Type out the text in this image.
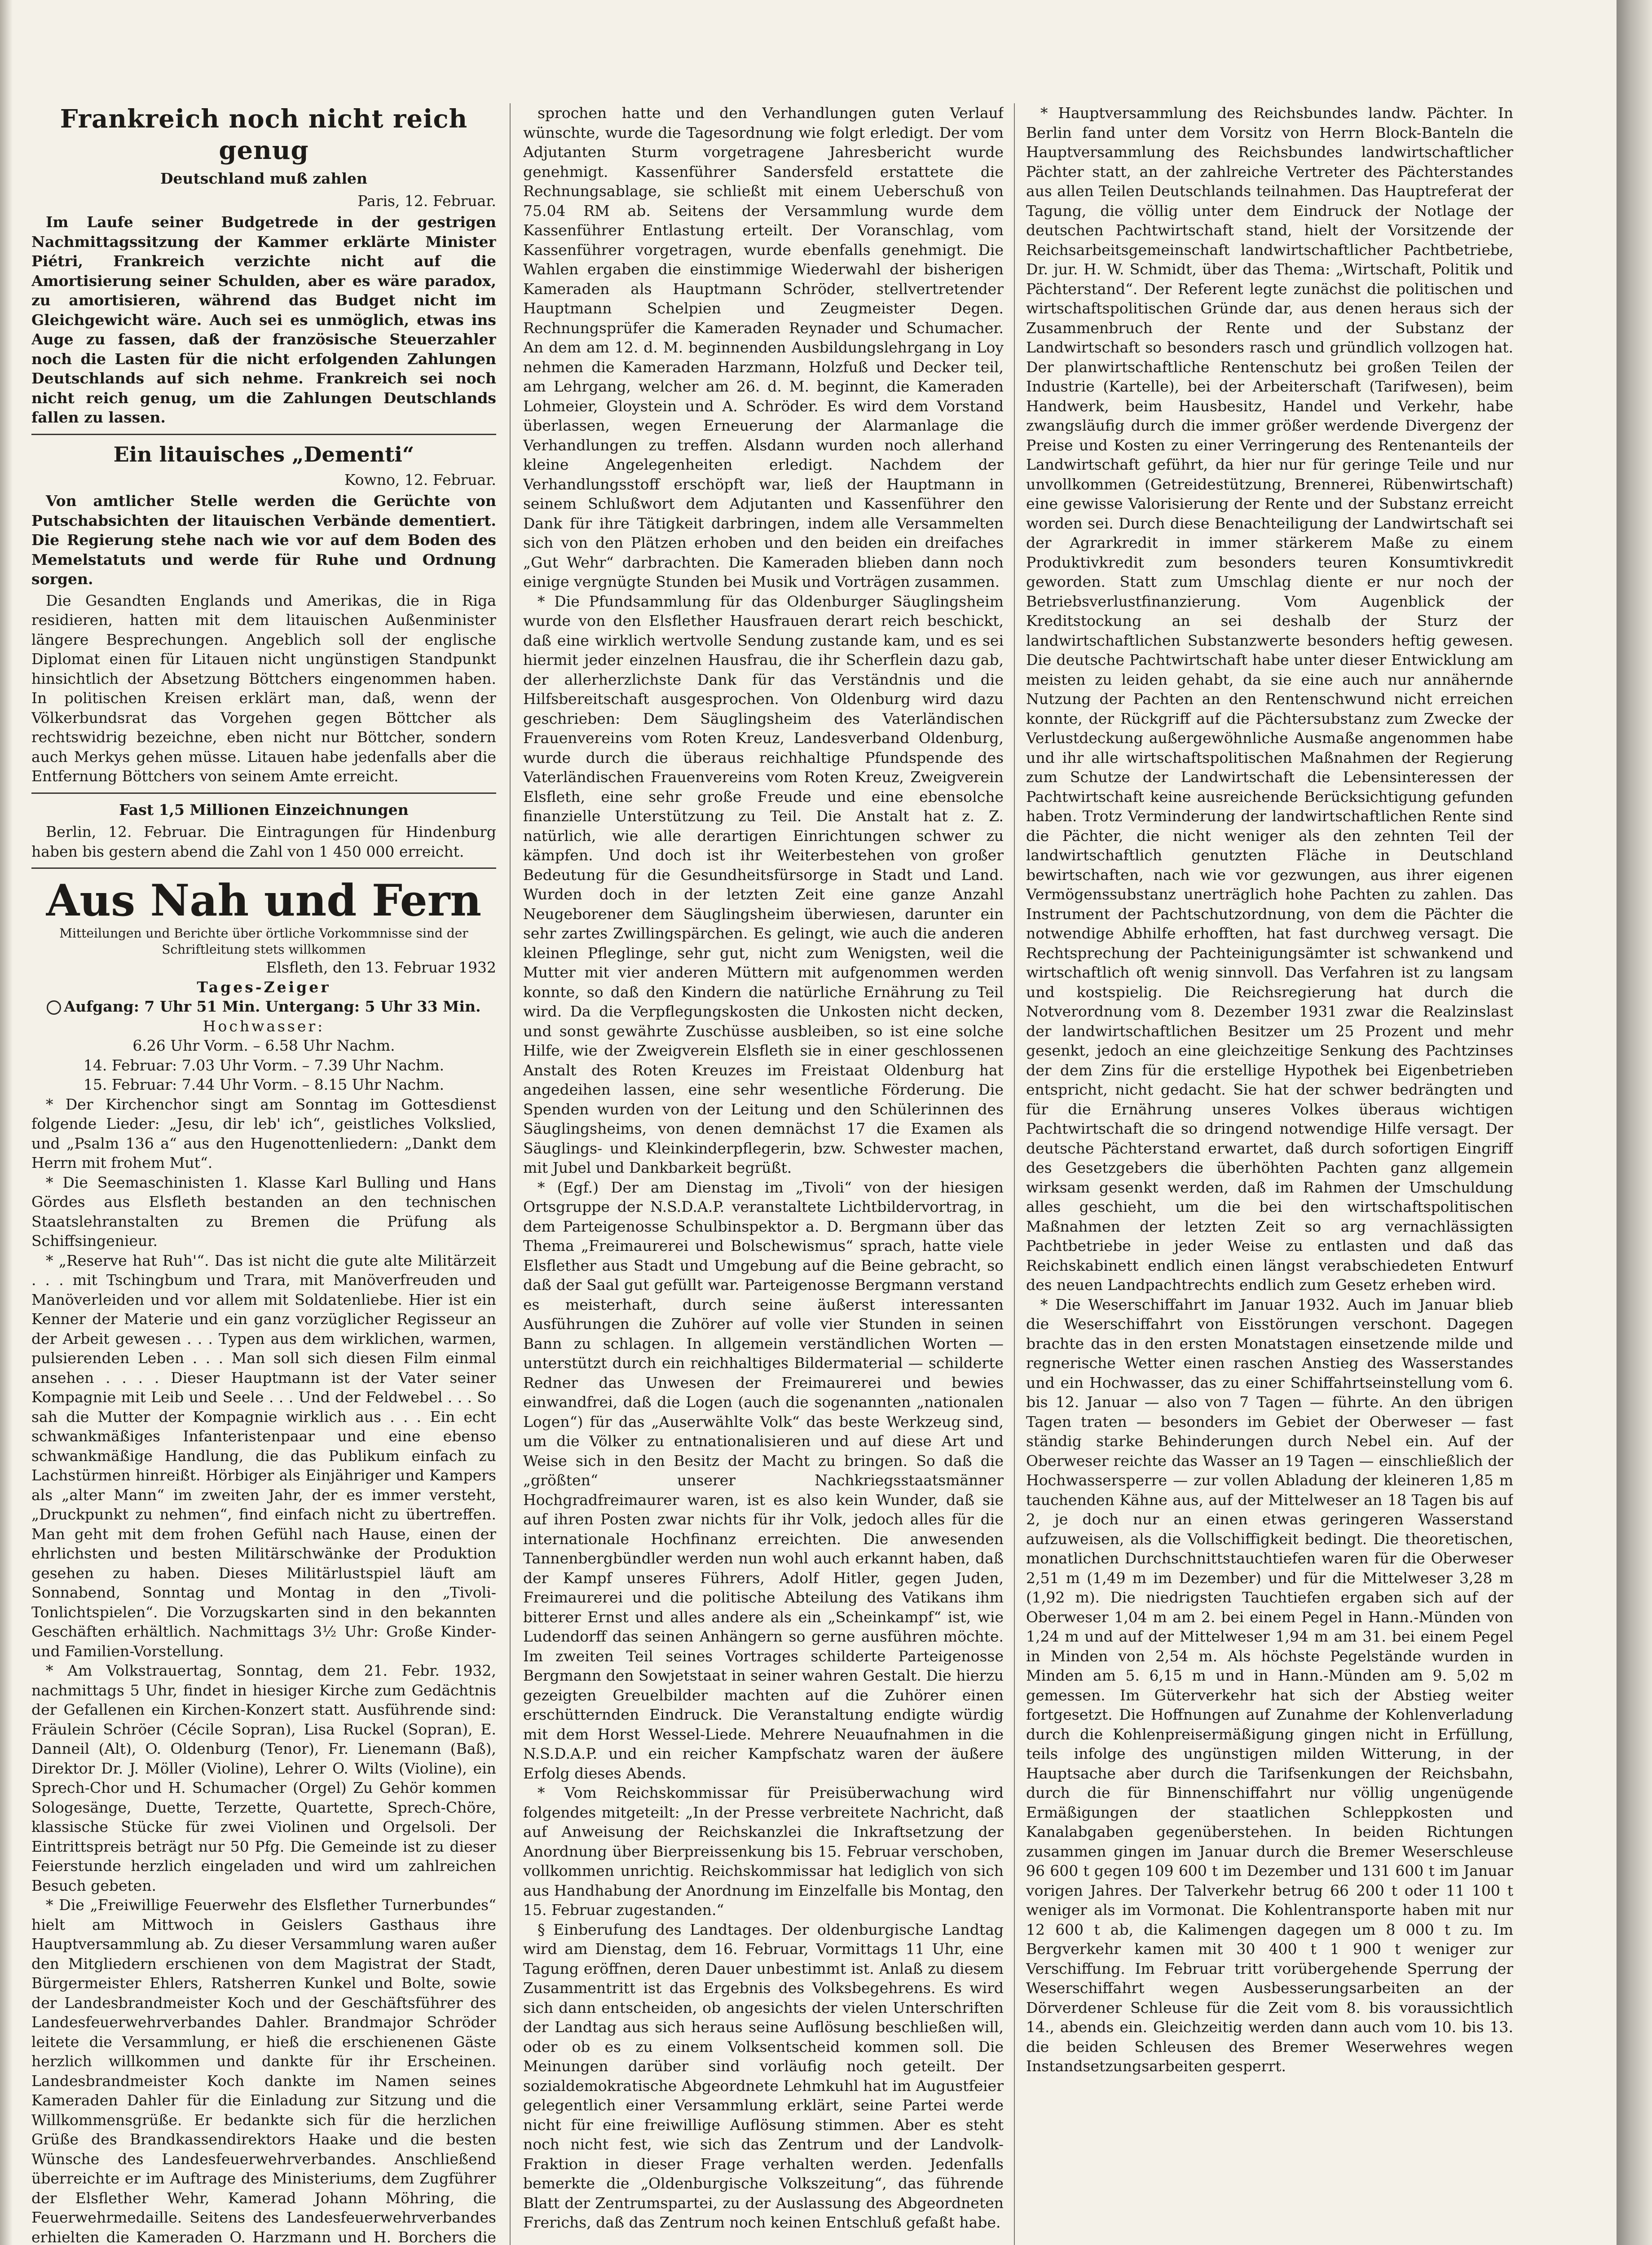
Frankreich noch nicht reich genug
Deutschland muß zahlen

Paris, 12. Februar.

Im Laufe seiner Budgetrede in der gestrigen Nachmittagssitzung der Kammer erklärte Minister Piétri, Frankreich verzichte nicht auf die Amortisierung seiner Schulden, aber es wäre paradox, zu amortisieren, während das Budget nicht im Gleichgewicht wäre. Auch sei es unmöglich, etwas ins Auge zu fassen, daß der französische Steuerzahler noch die Lasten für die nicht erfolgenden Zahlungen Deutschlands auf sich nehme. Frankreich sei noch nicht reich genug, um die Zahlungen Deutschlands fallen zu lassen.

Ein litauisches „Dementi“

Kowno, 12. Februar.

Von amtlicher Stelle werden die Gerüchte von Putschabsichten der litauischen Verbände dementiert. Die Regierung stehe nach wie vor auf dem Boden des Memelstatuts und werde für Ruhe und Ordnung sorgen.

Die Gesandten Englands und Amerikas, die in Riga residieren, hatten mit dem litauischen Außenminister längere Besprechungen. Angeblich soll der englische Diplomat einen für Litauen nicht ungünstigen Standpunkt hinsichtlich der Absetzung Böttchers eingenommen haben. In politischen Kreisen erklärt man, daß, wenn der Völkerbundsrat das Vorgehen gegen Böttcher als rechtswidrig bezeichne, eben nicht nur Böttcher, sondern auch Merkys gehen müsse. Litauen habe jedenfalls aber die Entfernung Böttchers von seinem Amte erreicht.

Fast 1,5 Millionen Einzeichnungen

Berlin, 12. Februar. Die Eintragungen für Hindenburg haben bis gestern abend die Zahl von 1 450 000 erreicht.

Aus Nah und Fern
Mitteilungen und Berichte über örtliche Vorkommnisse sind der Schriftleitung stets willkommen

Elsfleth, den 13. Februar 1932

Tages-Zeiger

Aufgang: 7 Uhr 51 Min. Untergang: 5 Uhr 33 Min.

Hochwasser:

6.26 Uhr Vorm. – 6.58 Uhr Nachm.

14. Februar: 7.03 Uhr Vorm. – 7.39 Uhr Nachm.

15. Februar: 7.44 Uhr Vorm. – 8.15 Uhr Nachm.

* Der Kirchenchor singt am Sonntag im Gottesdienst folgende Lieder: „Jesu, dir leb' ich“, geistliches Volkslied, und „Psalm 136 a“ aus den Hugenottenliedern: „Dankt dem Herrn mit frohem Mut“.

* Die Seemaschinisten 1. Klasse Karl Bulling und Hans Gördes aus Elsfleth bestanden an den technischen Staatslehranstalten zu Bremen die Prüfung als Schiffsingenieur.

* „Reserve hat Ruh'“. Das ist nicht die gute alte Militärzeit . . . mit Tschingbum und Trara, mit Manöverfreuden und Manöverleiden und vor allem mit Soldatenliebe. Hier ist ein Kenner der Materie und ein ganz vorzüglicher Regisseur an der Arbeit gewesen . . . Typen aus dem wirklichen, warmen, pulsierenden Leben . . . Man soll sich diesen Film einmal ansehen . . . . Dieser Hauptmann ist der Vater seiner Kompagnie mit Leib und Seele . . . Und der Feldwebel . . . So sah die Mutter der Kompagnie wirklich aus . . . Ein echt schwankmäßiges Infanteristenpaar und eine ebenso schwankmäßige Handlung, die das Publikum einfach zu Lachstürmen hinreißt. Hörbiger als Einjähriger und Kampers als „alter Mann“ im zweiten Jahr, der es immer versteht, „Druckpunkt zu nehmen“, find einfach nicht zu übertreffen. Man geht mit dem frohen Gefühl nach Hause, einen der ehrlichsten und besten Militärschwänke der Produktion gesehen zu haben. Dieses Militärlustspiel läuft am Sonnabend, Sonntag und Montag in den „Tivoli-Tonlichtspielen“. Die Vorzugskarten sind in den bekannten Geschäften erhältlich. Nachmittags 3½ Uhr: Große Kinder- und Familien-Vorstellung.

* Am Volkstrauertag, Sonntag, dem 21. Febr. 1932, nachmittags 5 Uhr, findet in hiesiger Kirche zum Gedächtnis der Gefallenen ein Kirchen-Konzert statt. Ausführende sind: Fräulein Schröer (Cécile Sopran), Lisa Ruckel (Sopran), E. Danneil (Alt), O. Oldenburg (Tenor), Fr. Lienemann (Baß), Direktor Dr. J. Möller (Violine), Lehrer O. Wilts (Violine), ein Sprech-Chor und H. Schumacher (Orgel) Zu Gehör kommen Sologesänge, Duette, Terzette, Quartette, Sprech-Chöre, klassische Stücke für zwei Violinen und Orgelsoli. Der Eintrittspreis beträgt nur 50 Pfg. Die Gemeinde ist zu dieser Feierstunde herzlich eingeladen und wird um zahlreichen Besuch gebeten.

* Die „Freiwillige Feuerwehr des Elsflether Turnerbundes“ hielt am Mittwoch in Geislers Gasthaus ihre Hauptversammlung ab. Zu dieser Versammlung waren außer den Mitgliedern erschienen von dem Magistrat der Stadt, Bürgermeister Ehlers, Ratsherren Kunkel und Bolte, sowie der Landesbrandmeister Koch und der Geschäftsführer des Landesfeuerwehrverbandes Dahler. Brandmajor Schröder leitete die Versammlung, er hieß die erschienenen Gäste herzlich willkommen und dankte für ihr Erscheinen. Landesbrandmeister Koch dankte im Namen seines Kameraden Dahler für die Einladung zur Sitzung und die Willkommensgrüße. Er bedankte sich für die herzlichen Grüße des Brandkassendirektors Haake und die besten Wünsche des Landesfeuerwehrverbandes. Anschließend überreichte er im Auftrage des Ministeriums, dem Zugführer der Elsflether Wehr, Kamerad Johann Möhring, die Feuerwehrmedaille. Seitens des Landesfeuerwehrverbandes erhielten die Kameraden O. Harzmann und H. Borchers die

sprochen hatte und den Verhandlungen guten Verlauf wünschte, wurde die Tagesordnung wie folgt erledigt. Der vom Adjutanten Sturm vorgetragene Jahresbericht wurde genehmigt. Kassenführer Sandersfeld erstattete die Rechnungsablage, sie schließt mit einem Ueberschuß von 75.04 RM ab. Seitens der Versammlung wurde dem Kassenführer Entlastung erteilt. Der Voranschlag, vom Kassenführer vorgetragen, wurde ebenfalls genehmigt. Die Wahlen ergaben die einstimmige Wiederwahl der bisherigen Kameraden als Hauptmann Schröder, stellvertretender Hauptmann Schelpien und Zeugmeister Degen. Rechnungsprüfer die Kameraden Reynader und Schumacher. An dem am 12. d. M. beginnenden Ausbildungslehrgang in Loy nehmen die Kameraden Harzmann, Holzfuß und Decker teil, am Lehrgang, welcher am 26. d. M. beginnt, die Kameraden Lohmeier, Gloystein und A. Schröder. Es wird dem Vorstand überlassen, wegen Erneuerung der Alarmanlage die Verhandlungen zu treffen. Alsdann wurden noch allerhand kleine Angelegenheiten erledigt. Nachdem der Verhandlungsstoff erschöpft war, ließ der Hauptmann in seinem Schlußwort dem Adjutanten und Kassenführer den Dank für ihre Tätigkeit darbringen, indem alle Versammelten sich von den Plätzen erhoben und den beiden ein dreifaches „Gut Wehr“ darbrachten. Die Kameraden blieben dann noch einige vergnügte Stunden bei Musik und Vorträgen zusammen.

* Die Pfundsammlung für das Oldenburger Säuglingsheim wurde von den Elsflether Hausfrauen derart reich beschickt, daß eine wirklich wertvolle Sendung zustande kam, und es sei hiermit jeder einzelnen Hausfrau, die ihr Scherflein dazu gab, der allerherzlichste Dank für das Verständnis und die Hilfsbereitschaft ausgesprochen. Von Oldenburg wird dazu geschrieben: Dem Säuglingsheim des Vaterländischen Frauenvereins vom Roten Kreuz, Landesverband Oldenburg, wurde durch die überaus reichhaltige Pfundspende des Vaterländischen Frauenvereins vom Roten Kreuz, Zweigverein Elsfleth, eine sehr große Freude und eine ebensolche finanzielle Unterstützung zu Teil. Die Anstalt hat z. Z. natürlich, wie alle derartigen Einrichtungen schwer zu kämpfen. Und doch ist ihr Weiterbestehen von großer Bedeutung für die Gesundheitsfürsorge in Stadt und Land. Wurden doch in der letzten Zeit eine ganze Anzahl Neugeborener dem Säuglingsheim überwiesen, darunter ein sehr zartes Zwillingspärchen. Es gelingt, wie auch die anderen kleinen Pfleglinge, sehr gut, nicht zum Wenigsten, weil die Mutter mit vier anderen Müttern mit aufgenommen werden konnte, so daß den Kindern die natürliche Ernährung zu Teil wird. Da die Verpflegungskosten die Unkosten nicht decken, und sonst gewährte Zuschüsse ausbleiben, so ist eine solche Hilfe, wie der Zweigverein Elsfleth sie in einer geschlossenen Anstalt des Roten Kreuzes im Freistaat Oldenburg hat angedeihen lassen, eine sehr wesentliche Förderung. Die Spenden wurden von der Leitung und den Schülerinnen des Säuglingsheims, von denen demnächst 17 die Examen als Säuglings- und Kleinkinderpflegerin, bzw. Schwester machen, mit Jubel und Dankbarkeit begrüßt.

* (Egf.) Der am Dienstag im „Tivoli“ von der hiesigen Ortsgruppe der N.S.D.A.P. veranstaltete Lichtbildervortrag, in dem Parteigenosse Schulbinspektor a. D. Bergmann über das Thema „Freimaurerei und Bolschewismus“ sprach, hatte viele Elsflether aus Stadt und Umgebung auf die Beine gebracht, so daß der Saal gut gefüllt war. Parteigenosse Bergmann verstand es meisterhaft, durch seine äußerst interessanten Ausführungen die Zuhörer auf volle vier Stunden in seinen Bann zu schlagen. In allgemein verständlichen Worten — unterstützt durch ein reichhaltiges Bildermaterial — schilderte Redner das Unwesen der Freimaurerei und bewies einwandfrei, daß die Logen (auch die sogenannten „nationalen Logen“) für das „Auserwählte Volk“ das beste Werkzeug sind, um die Völker zu entnationalisieren und auf diese Art und Weise sich in den Besitz der Macht zu bringen. So daß die „größten“ unserer Nachkriegsstaatsmänner Hochgradfreimaurer waren, ist es also kein Wunder, daß sie auf ihren Posten zwar nichts für ihr Volk, jedoch alles für die internationale Hochfinanz erreichten. Die anwesenden Tannenbergbündler werden nun wohl auch erkannt haben, daß der Kampf unseres Führers, Adolf Hitler, gegen Juden, Freimaurerei und die politische Abteilung des Vatikans ihm bitterer Ernst und alles andere als ein „Scheinkampf“ ist, wie Ludendorff das seinen Anhängern so gerne ausführen möchte. Im zweiten Teil seines Vortrages schilderte Parteigenosse Bergmann den Sowjetstaat in seiner wahren Gestalt. Die hierzu gezeigten Greuelbilder machten auf die Zuhörer einen erschütternden Eindruck. Die Veranstaltung endigte würdig mit dem Horst Wessel-Liede. Mehrere Neuaufnahmen in die N.S.D.A.P. und ein reicher Kampfschatz waren der äußere Erfolg dieses Abends.

* Vom Reichskommissar für Preisüberwachung wird folgendes mitgeteilt: „In der Presse verbreitete Nachricht, daß auf Anweisung der Reichskanzlei die Inkraftsetzung der Anordnung über Bierpreissenkung bis 15. Februar verschoben, vollkommen unrichtig. Reichskommissar hat lediglich von sich aus Handhabung der Anordnung im Einzelfalle bis Montag, den 15. Februar zugestanden.“

§ Einberufung des Landtages. Der oldenburgische Landtag wird am Dienstag, dem 16. Februar, Vormittags 11 Uhr, eine Tagung eröffnen, deren Dauer unbestimmt ist. Anlaß zu diesem Zusammentritt ist das Ergebnis des Volksbegehrens. Es wird sich dann entscheiden, ob angesichts der vielen Unterschriften der Landtag aus sich heraus seine Auflösung beschließen will, oder ob es zu einem Volksentscheid kommen soll. Die Meinungen darüber sind vorläufig noch geteilt. Der sozialdemokratische Abgeordnete Lehmkuhl hat im Augustfeier gelegentlich einer Versammlung erklärt, seine Partei werde nicht für eine freiwillige Auflösung stimmen. Aber es steht noch nicht fest, wie sich das Zentrum und der Landvolk-Fraktion in dieser Frage verhalten werden. Jedenfalls bemerkte die „Oldenburgische Volkszeitung“, das führende Blatt der Zentrumspartei, zu der Auslassung des Abgeordneten Frerichs, daß das Zentrum noch keinen Entschluß gefaßt habe.

* Hauptversammlung des Reichsbundes landw. Pächter. In Berlin fand unter dem Vorsitz von Herrn Block-Banteln die Hauptversammlung des Reichsbundes landwirtschaftlicher Pächter statt, an der zahlreiche Vertreter des Pächterstandes aus allen Teilen Deutschlands teilnahmen. Das Hauptreferat der Tagung, die völlig unter dem Eindruck der Notlage der deutschen Pachtwirtschaft stand, hielt der Vorsitzende der Reichsarbeitsgemeinschaft landwirtschaftlicher Pachtbetriebe, Dr. jur. H. W. Schmidt, über das Thema: „Wirtschaft, Politik und Pächterstand“. Der Referent legte zunächst die politischen und wirtschaftspolitischen Gründe dar, aus denen heraus sich der Zusammenbruch der Rente und der Substanz der Landwirtschaft so besonders rasch und gründlich vollzogen hat. Der planwirtschaftliche Rentenschutz bei großen Teilen der Industrie (Kartelle), bei der Arbeiterschaft (Tarifwesen), beim Handwerk, beim Hausbesitz, Handel und Verkehr, habe zwangsläufig durch die immer größer werdende Divergenz der Preise und Kosten zu einer Verringerung des Rentenanteils der Landwirtschaft geführt, da hier nur für geringe Teile und nur unvollkommen (Getreidestützung, Brennerei, Rübenwirtschaft) eine gewisse Valorisierung der Rente und der Substanz erreicht worden sei. Durch diese Benachteiligung der Landwirtschaft sei der Agrarkredit in immer stärkerem Maße zu einem Produktivkredit zum besonders teuren Konsumtivkredit geworden. Statt zum Umschlag diente er nur noch der Betriebsverlustfinanzierung. Vom Augenblick der Kreditstockung an sei deshalb der Sturz der landwirtschaftlichen Substanzwerte besonders heftig gewesen. Die deutsche Pachtwirtschaft habe unter dieser Entwicklung am meisten zu leiden gehabt, da sie eine auch nur annähernde Nutzung der Pachten an den Rentenschwund nicht erreichen konnte, der Rückgriff auf die Pächtersubstanz zum Zwecke der Verlustdeckung außergewöhnliche Ausmaße angenommen habe und ihr alle wirtschaftspolitischen Maßnahmen der Regierung zum Schutze der Landwirtschaft die Lebensinteressen der Pachtwirtschaft keine ausreichende Berücksichtigung gefunden haben. Trotz Verminderung der landwirtschaftlichen Rente sind die Pächter, die nicht weniger als den zehnten Teil der landwirtschaftlich genutzten Fläche in Deutschland bewirtschaften, nach wie vor gezwungen, aus ihrer eigenen Vermögenssubstanz unerträglich hohe Pachten zu zahlen. Das Instrument der Pachtschutzordnung, von dem die Pächter die notwendige Abhilfe erhofften, hat fast durchweg versagt. Die Rechtsprechung der Pachteinigungsämter ist schwankend und wirtschaftlich oft wenig sinnvoll. Das Verfahren ist zu langsam und kostspielig. Die Reichsregierung hat durch die Notverordnung vom 8. Dezember 1931 zwar die Realzinslast der landwirtschaftlichen Besitzer um 25 Prozent und mehr gesenkt, jedoch an eine gleichzeitige Senkung des Pachtzinses der dem Zins für die erstellige Hypothek bei Eigenbetrieben entspricht, nicht gedacht. Sie hat der schwer bedrängten und für die Ernährung unseres Volkes überaus wichtigen Pachtwirtschaft die so dringend notwendige Hilfe versagt. Der deutsche Pächterstand erwartet, daß durch sofortigen Eingriff des Gesetzgebers die überhöhten Pachten ganz allgemein wirksam gesenkt werden, daß im Rahmen der Umschuldung alles geschieht, um die bei den wirtschaftspolitischen Maßnahmen der letzten Zeit so arg vernachlässigten Pachtbetriebe in jeder Weise zu entlasten und daß das Reichskabinett endlich einen längst verabschiedeten Entwurf des neuen Landpachtrechts endlich zum Gesetz erheben wird.

* Die Weserschiffahrt im Januar 1932. Auch im Januar blieb die Weserschiffahrt von Eisstörungen verschont. Dagegen brachte das in den ersten Monatstagen einsetzende milde und regnerische Wetter einen raschen Anstieg des Wasserstandes und ein Hochwasser, das zu einer Schiffahrtseinstellung vom 6. bis 12. Januar — also von 7 Tagen — führte. An den übrigen Tagen traten — besonders im Gebiet der Oberweser — fast ständig starke Behinderungen durch Nebel ein. Auf der Oberweser reichte das Wasser an 19 Tagen — einschließlich der Hochwassersperre — zur vollen Abladung der kleineren 1,85 m tauchenden Kähne aus, auf der Mittelweser an 18 Tagen bis auf 2, je doch nur an einen etwas geringeren Wasserstand aufzuweisen, als die Vollschiffigkeit bedingt. Die theoretischen, monatlichen Durchschnittstauchtiefen waren für die Oberweser 2,51 m (1,49 m im Dezember) und für die Mittelweser 3,28 m (1,92 m). Die niedrigsten Tauchtiefen ergaben sich auf der Oberweser 1,04 m am 2. bei einem Pegel in Hann.-Münden von 1,24 m und auf der Mittelweser 1,94 m am 31. bei einem Pegel in Minden von 2,54 m. Als höchste Pegelstände wurden in Minden am 5. 6,15 m und in Hann.-Münden am 9. 5,02 m gemessen. Im Güterverkehr hat sich der Abstieg weiter fortgesetzt. Die Hoffnungen auf Zunahme der Kohlenverladung durch die Kohlenpreisermäßigung gingen nicht in Erfüllung, teils infolge des ungünstigen milden Witterung, in der Hauptsache aber durch die Tarifsenkungen der Reichsbahn, durch die für Binnenschiffahrt nur völlig ungenügende Ermäßigungen der staatlichen Schleppkosten und Kanalabgaben gegenüberstehen. In beiden Richtungen zusammen gingen im Januar durch die Bremer Weserschleuse 96 600 t gegen 109 600 t im Dezember und 131 600 t im Januar vorigen Jahres. Der Talverkehr betrug 66 200 t oder 11 100 t weniger als im Vormonat. Die Kohlentransporte haben mit nur 12 600 t ab, die Kalimengen dagegen um 8 000 t zu. Im Bergverkehr kamen mit 30 400 t 1 900 t weniger zur Verschiffung. Im Februar tritt vorübergehende Sperrung der Weserschiffahrt wegen Ausbesserungsarbeiten an der Dörverdener Schleuse für die Zeit vom 8. bis voraussichtlich 14., abends ein. Gleichzeitig werden dann auch vom 10. bis 13. die beiden Schleusen des Bremer Weserwehres wegen Instandsetzungsarbeiten gesperrt.
